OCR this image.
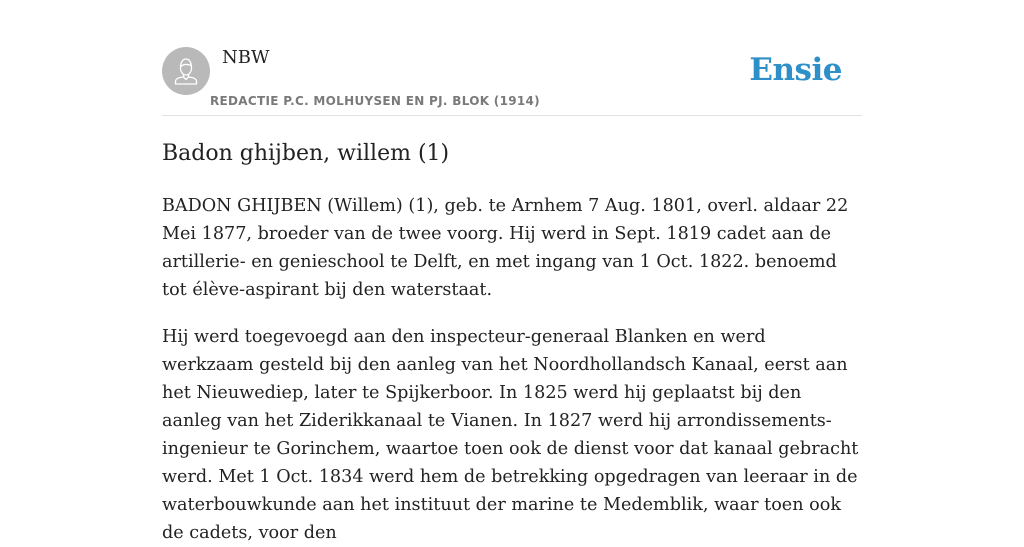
NBW
REDACTIE P.C. MOLHUYSEN EN PJ. BLOK (1914)
Ensie
Badon ghijben, willem (1)

BADON GHIJBEN (Willem) (1), geb. te Arnhem 7 Aug. 1801, overl. aldaar 22 Mei 1877, broeder van de twee voorg. Hij werd in Sept. 1819 cadet aan de artillerie- en genieschool te Delft, en met ingang van 1 Oct. 1822. benoemd tot élève-aspirant bij den waterstaat.

Hij werd toegevoegd aan den inspecteur-generaal Blanken en werd werkzaam gesteld bij den aanleg van het Noordhollandsch Kanaal, eerst aan het Nieuwediep, later te Spijkerboor. In 1825 werd hij geplaatst bij den aanleg van het Ziderikkanaal te Vianen. In 1827 werd hij arrondissements-ingenieur te Gorinchem, waartoe toen ook de dienst voor dat kanaal gebracht werd. Met 1 Oct. 1834 werd hem de betrekking opgedragen van leeraar in de waterbouwkunde aan het instituut der marine te Medemblik, waar toen ook de cadets, voor den
